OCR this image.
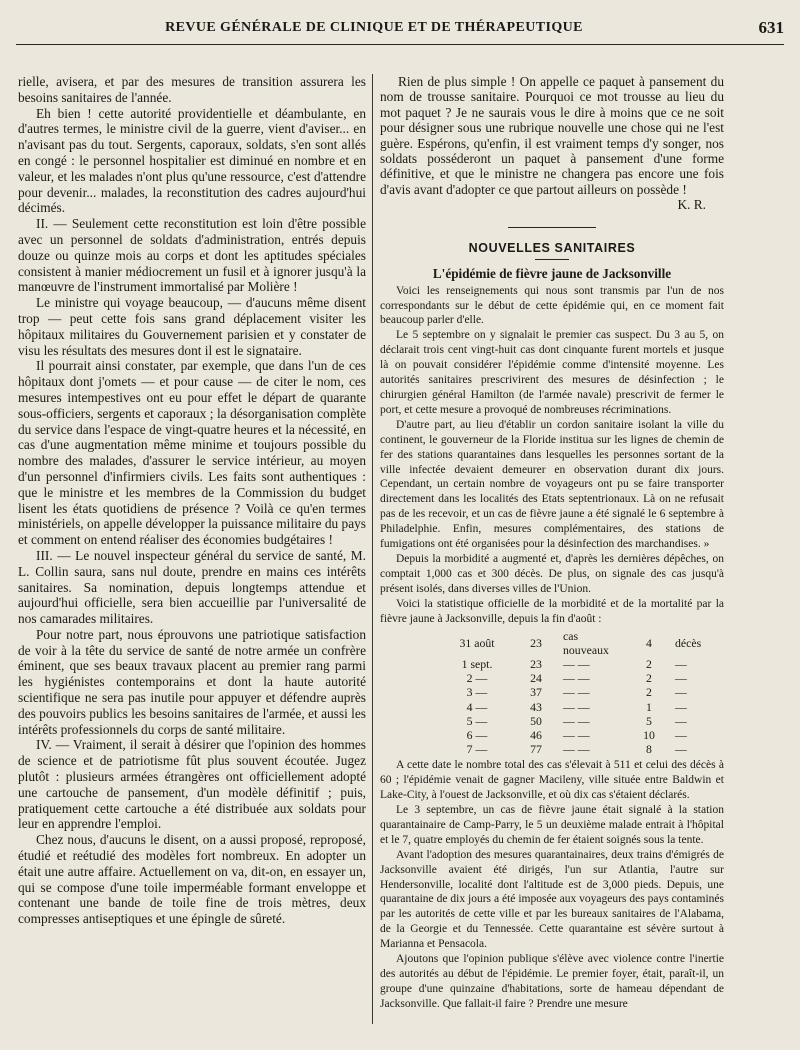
REVUE GÉNÉRALE DE CLINIQUE ET DE THÉRAPEUTIQUE	631

rielle, avisera, et par des mesures de transition assurera les besoins sanitaires de l'année.

Eh bien ! cette autorité providentielle et déambulante, en d'autres termes, le ministre civil de la guerre, vient d'aviser... en n'avisant pas du tout. Sergents, caporaux, soldats, s'en sont allés en congé : le personnel hospitalier est diminué en nombre et en valeur, et les malades n'ont plus qu'une ressource, c'est d'attendre pour devenir... malades, la reconstitution des cadres aujourd'hui décimés.

II. — Seulement cette reconstitution est loin d'être possible avec un personnel de soldats d'administration, entrés depuis douze ou quinze mois au corps et dont les aptitudes spéciales consistent à manier médiocrement un fusil et à ignorer jusqu'à la manœuvre de l'instrument immortalisé par Molière !

Le ministre qui voyage beaucoup, — d'aucuns même disent trop — peut cette fois sans grand déplacement visiter les hôpitaux militaires du Gouvernement parisien et y constater de visu les résultats des mesures dont il est le signataire.

Il pourrait ainsi constater, par exemple, que dans l'un de ces hôpitaux dont j'omets — et pour cause — de citer le nom, ces mesures intempestives ont eu pour effet le départ de quarante sous-officiers, sergents et caporaux ; la désorganisation complète du service dans l'espace de vingt-quatre heures et la nécessité, en cas d'une augmentation même minime et toujours possible du nombre des malades, d'assurer le service intérieur, au moyen d'un personnel d'infirmiers civils. Les faits sont authentiques : que le ministre et les membres de la Commission du budget lisent les états quotidiens de présence ? Voilà ce qu'en termes ministériels, on appelle développer la puissance militaire du pays et comment on entend réaliser des économies budgétaires !

III. — Le nouvel inspecteur général du service de santé, M. L. Collin saura, sans nul doute, prendre en mains ces intérêts sanitaires. Sa nomination, depuis longtemps attendue et aujourd'hui officielle, sera bien accueillie par l'universalité de nos camarades militaires.

Pour notre part, nous éprouvons une patriotique satisfaction de voir à la tête du service de santé de notre armée un confrère éminent, que ses beaux travaux placent au premier rang parmi les hygiénistes contemporains et dont la haute autorité scientifique ne sera pas inutile pour appuyer et défendre auprès des pouvoirs publics les besoins sanitaires de l'armée, et aussi les intérêts professionnels du corps de santé militaire.

IV. — Vraiment, il serait à désirer que l'opinion des hommes de science et de patriotisme fût plus souvent écoutée. Jugez plutôt : plusieurs armées étrangères ont officiellement adopté une cartouche de pansement, d'un modèle définitif ; puis, pratiquement cette cartouche a été distribuée aux soldats pour leur en apprendre l'emploi.

Chez nous, d'aucuns le disent, on a aussi proposé, reproposé, étudié et reétudié des modèles fort nombreux. En adopter un était une autre affaire. Actuellement on va, dit-on, en essayer un, qui se compose d'une toile imperméable formant enveloppe et contenant une bande de toile fine de trois mètres, deux compresses antiseptiques et une épingle de sûreté.

Rien de plus simple ! On appelle ce paquet à pansement du nom de trousse sanitaire. Pourquoi ce mot trousse au lieu du mot paquet ? Je ne saurais vous le dire à moins que ce ne soit pour désigner sous une rubrique nouvelle une chose qui ne l'est guère. Espérons, qu'enfin, il est vraiment temps d'y songer, nos soldats posséderont un paquet à pansement d'une forme définitive, et que le ministre ne changera pas encore une fois d'avis avant d'adopter ce que partout ailleurs on possède !

K. R.
NOUVELLES SANITAIRES
L'épidémie de fièvre jaune de Jacksonville

Voici les renseignements qui nous sont transmis par l'un de nos correspondants sur le début de cette épidémie qui, en ce moment fait beaucoup parler d'elle.

Le 5 septembre on y signalait le premier cas suspect. Du 3 au 5, on déclarait trois cent vingt-huit cas dont cinquante furent mortels et jusque là on pouvait considérer l'épidémie comme d'intensité moyenne. Les autorités sanitaires prescrivirent des mesures de désinfection ; le chirurgien général Hamilton (de l'armée navale) prescrivit de fermer le port, et cette mesure a provoqué de nombreuses récriminations.

D'autre part, au lieu d'établir un cordon sanitaire isolant la ville du continent, le gouverneur de la Floride institua sur les lignes de chemin de fer des stations quarantaines dans lesquelles les personnes sortant de la ville infectée devaient demeurer en observation durant dix jours. Cependant, un certain nombre de voyageurs ont pu se faire transporter directement dans les localités des Etats septentrionaux. Là on ne refusait pas de les recevoir, et un cas de fièvre jaune a été signalé le 6 septembre à Philadelphie. Enfin, mesures complémentaires, des stations de fumigations ont été organisées pour la désinfection des marchandises. »

Depuis la morbidité a augmenté et, d'après les dernières dépêches, on comptait 1,000 cas et 300 décès. De plus, on signale des cas jusqu'à présent isolés, dans diverses villes de l'Union.

Voici la statistique officielle de la morbidité et de la mortalité par la fièvre jaune à Jacksonville, depuis la fin d'août :

31 août	23	cas nouveaux	4	décès
1 sept.	23	— —	2	—
2 —	24	— —	2	—
3 —	37	— —	2	—
4 —	43	— —	1	—
5 —	50	— —	5	—
6 —	46	— —	10	—
7 —	77	— —	8	—

A cette date le nombre total des cas s'élevait à 511 et celui des décès à 60 ; l'épidémie venait de gagner Macileny, ville située entre Baldwin et Lake-City, à l'ouest de Jacksonville, et où dix cas s'étaient déclarés.

Le 3 septembre, un cas de fièvre jaune était signalé à la station quarantainaire de Camp-Parry, le 5 un deuxième malade entrait à l'hôpital et le 7, quatre employés du chemin de fer étaient soignés sous la tente.

Avant l'adoption des mesures quarantainaires, deux trains d'émigrés de Jacksonville avaient été dirigés, l'un sur Atlantia, l'autre sur Hendersonville, localité dont l'altitude est de 3,000 pieds. Depuis, une quarantaine de dix jours a été imposée aux voyageurs des pays contaminés par les autorités de cette ville et par les bureaux sanitaires de l'Alabama, de la Georgie et du Tennessée. Cette quarantaine est sévère surtout à Marianna et Pensacola.

Ajoutons que l'opinion publique s'élève avec violence contre l'inertie des autorités au début de l'épidémie. Le premier foyer, était, paraît-il, un groupe d'une quinzaine d'habitations, sorte de hameau dépendant de Jacksonville. Que fallait-il faire ? Prendre une mesure
